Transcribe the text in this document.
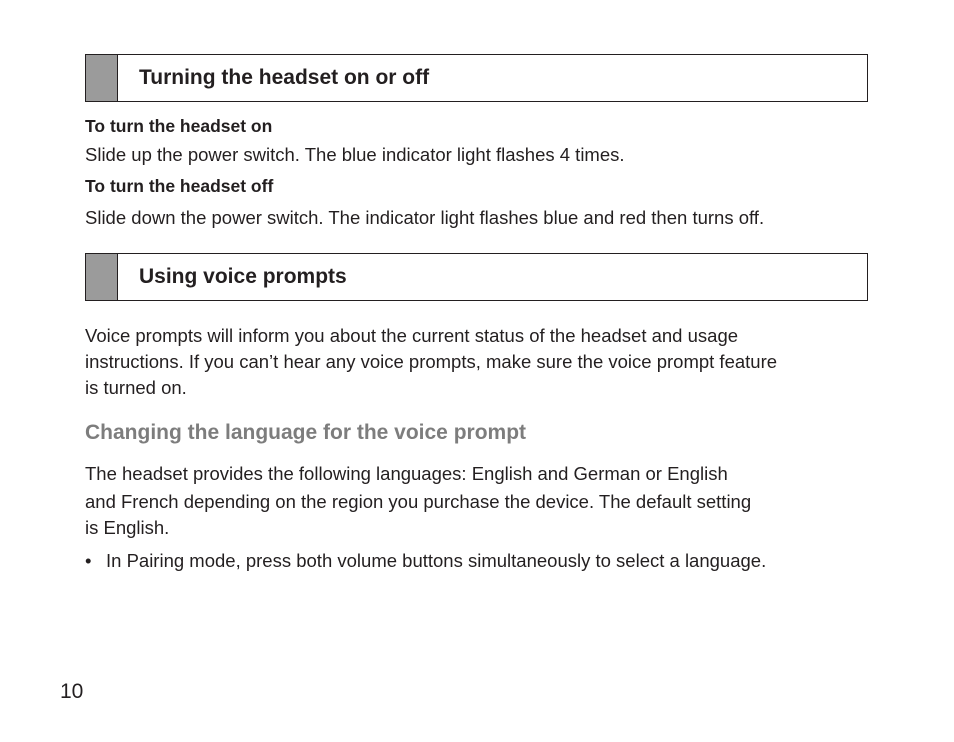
Turning the headset on or off
To turn the headset on
Slide up the power switch. The blue indicator light flashes 4 times.
To turn the headset off
Slide down the power switch. The indicator light flashes blue and red then turns off.
Using voice prompts
Voice prompts will inform you about the current status of the headset and usage
instructions. If you can’t hear any voice prompts, make sure the voice prompt feature
is turned on.
Changing the language for the voice prompt
The headset provides the following languages: English and German or English
and French depending on the region you purchase the device. The default setting
is English.
• In Pairing mode, press both volume buttons simultaneously to select a language.
10
